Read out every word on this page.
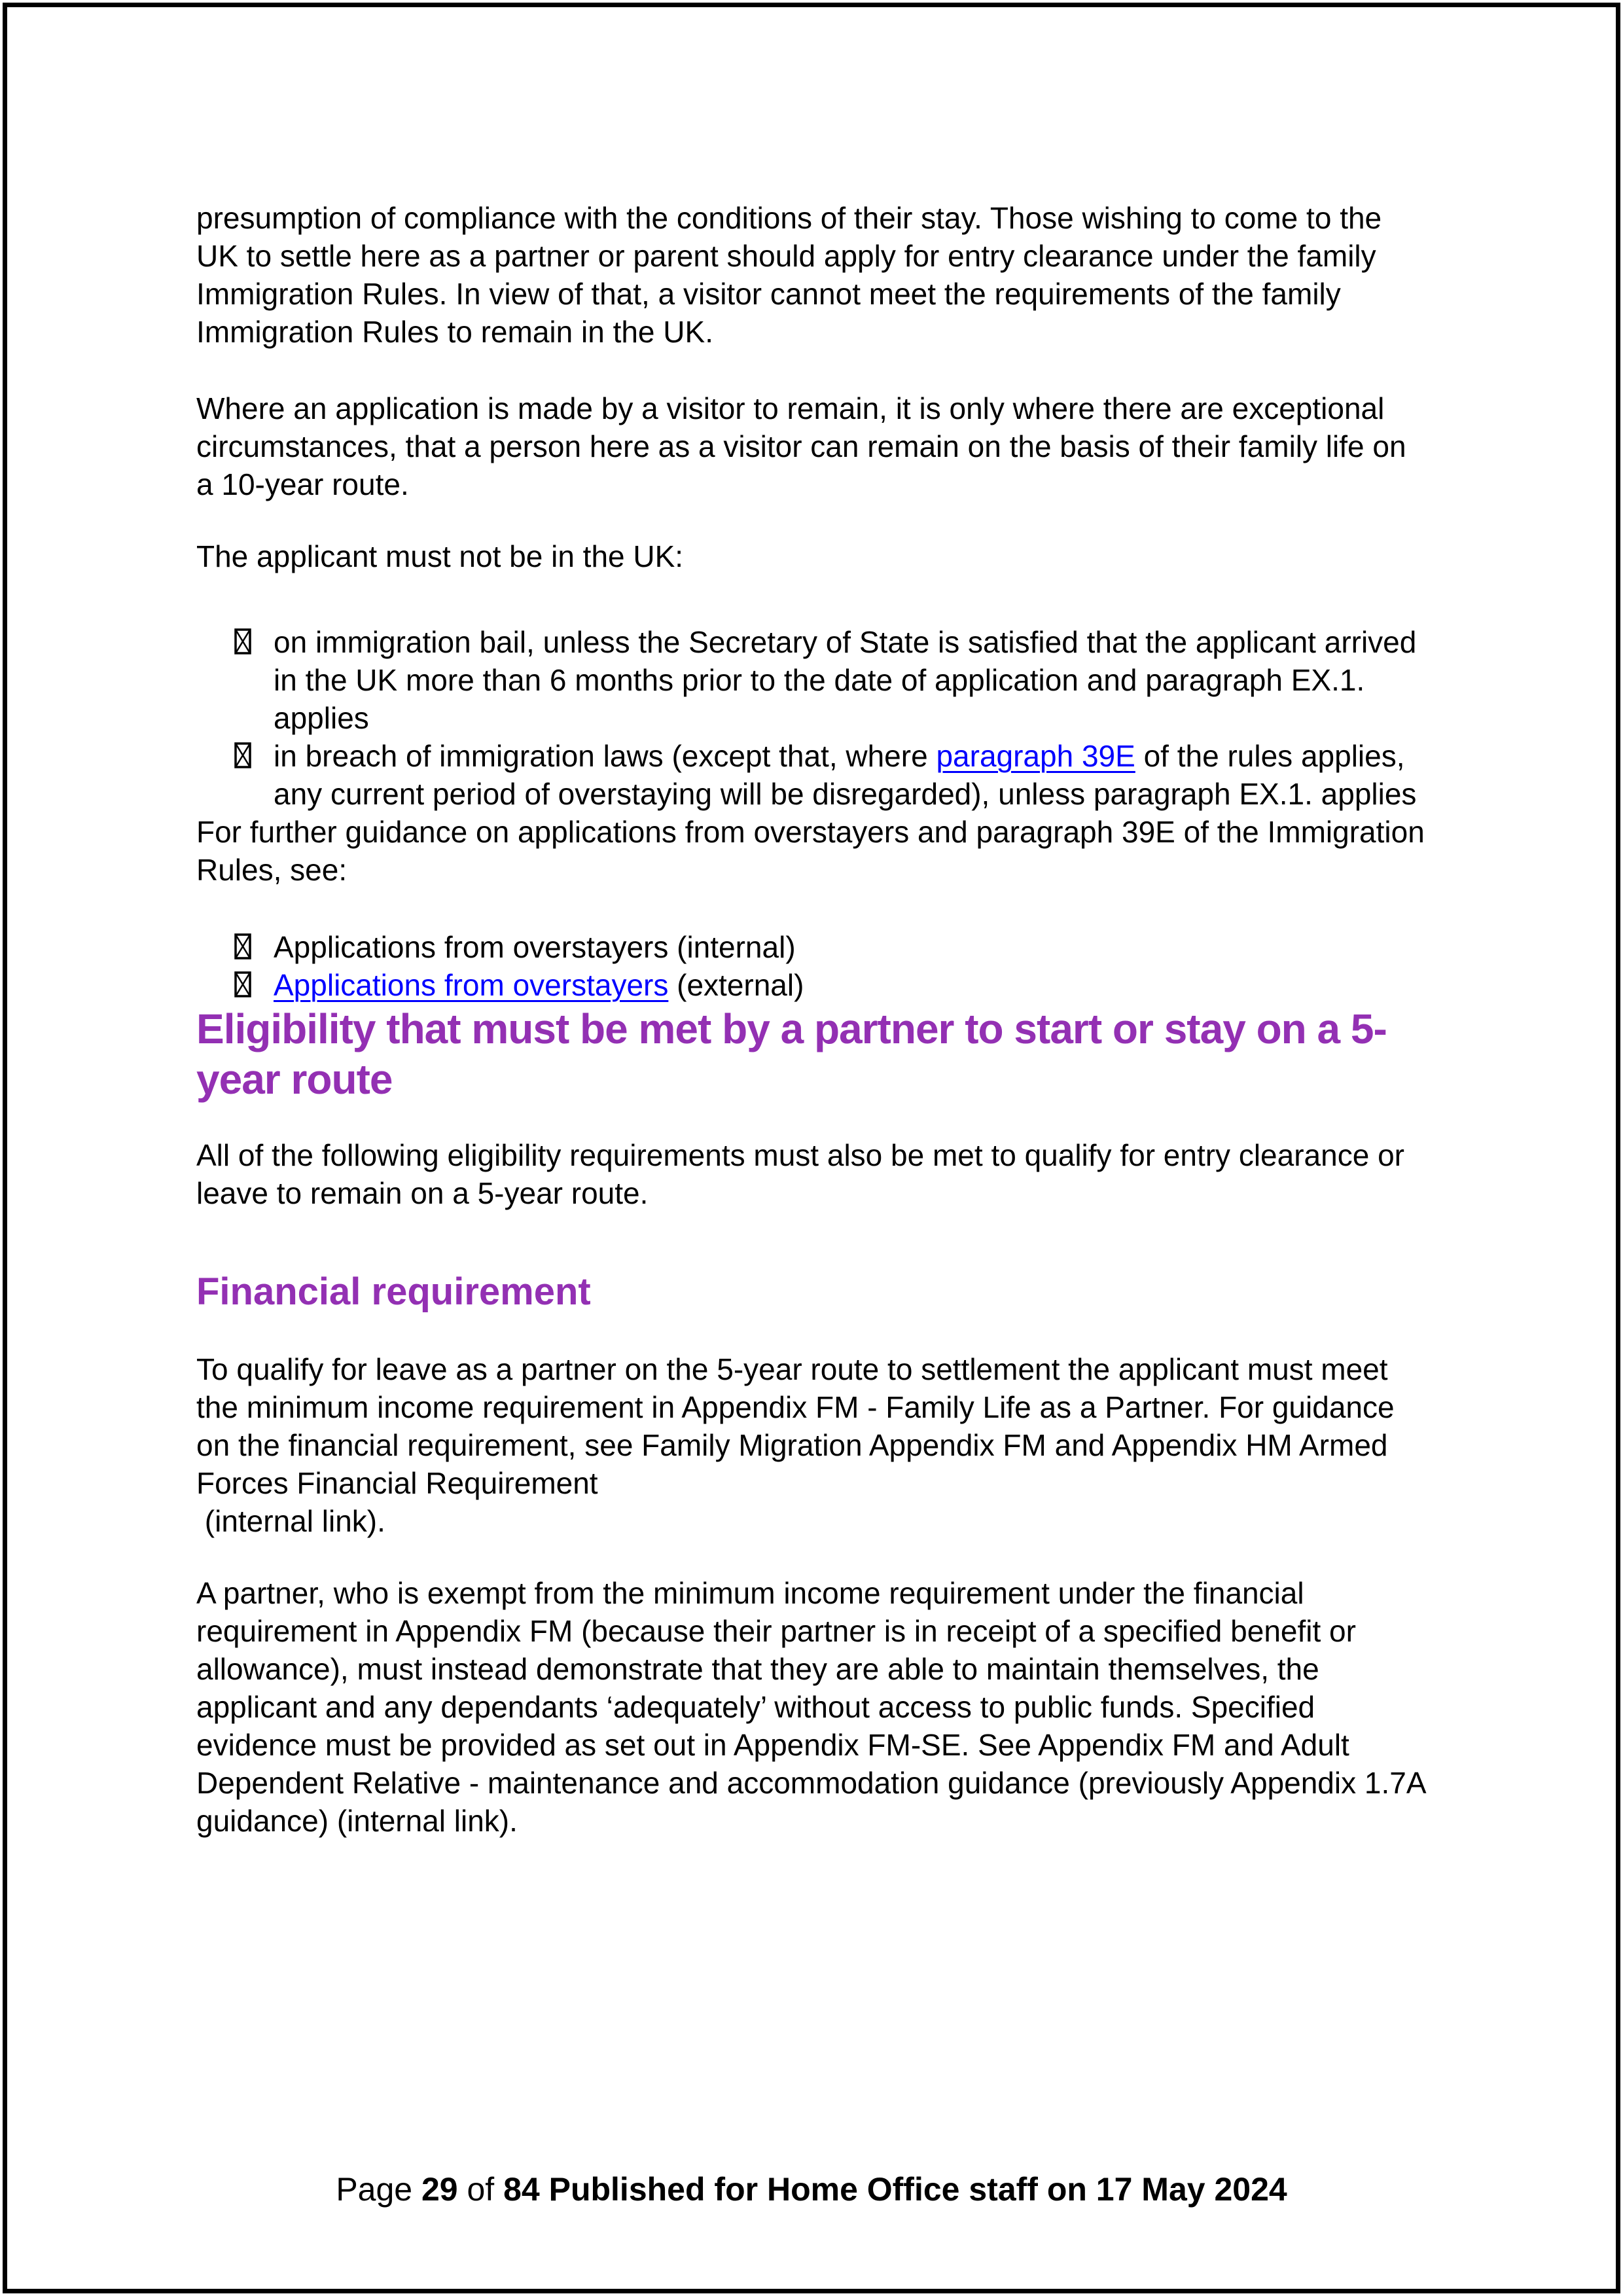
presumption of compliance with the conditions of their stay. Those wishing to come to the UK to settle here as a partner or parent should apply for entry clearance under the family Immigration Rules. In view of that, a visitor cannot meet the requirements of the family Immigration Rules to remain in the UK.

Where an application is made by a visitor to remain, it is only where there are exceptional circumstances, that a person here as a visitor can remain on the basis of their family life on a 10-year route.

The applicant must not be in the UK:

on immigration bail, unless the Secretary of State is satisfied that the applicant arrived in the UK more than 6 months prior to the date of application and paragraph EX.1. applies
in breach of immigration laws (except that, where paragraph 39E of the rules applies, any current period of overstaying will be disregarded), unless paragraph EX.1. applies

For further guidance on applications from overstayers and paragraph 39E of the Immigration Rules, see:

Applications from overstayers (internal)
Applications from overstayers (external)
Eligibility that must be met by a partner to start or stay on a 5-year route

All of the following eligibility requirements must also be met to qualify for entry clearance or leave to remain on a 5-year route.

Financial requirement

To qualify for leave as a partner on the 5-year route to settlement the applicant must meet the minimum income requirement in Appendix FM - Family Life as a Partner. For guidance on the financial requirement, see Family Migration Appendix FM and Appendix HM Armed Forces Financial Requirement
(internal link).

A partner, who is exempt from the minimum income requirement under the financial requirement in Appendix FM (because their partner is in receipt of a specified benefit or allowance), must instead demonstrate that they are able to maintain themselves, the applicant and any dependants ‘adequately’ without access to public funds. Specified evidence must be provided as set out in Appendix FM-SE. See Appendix FM and Adult Dependent Relative - maintenance and accommodation guidance (previously Appendix 1.7A guidance) (internal link).

Page 29 of 84 Published for Home Office staff on 17 May 2024
